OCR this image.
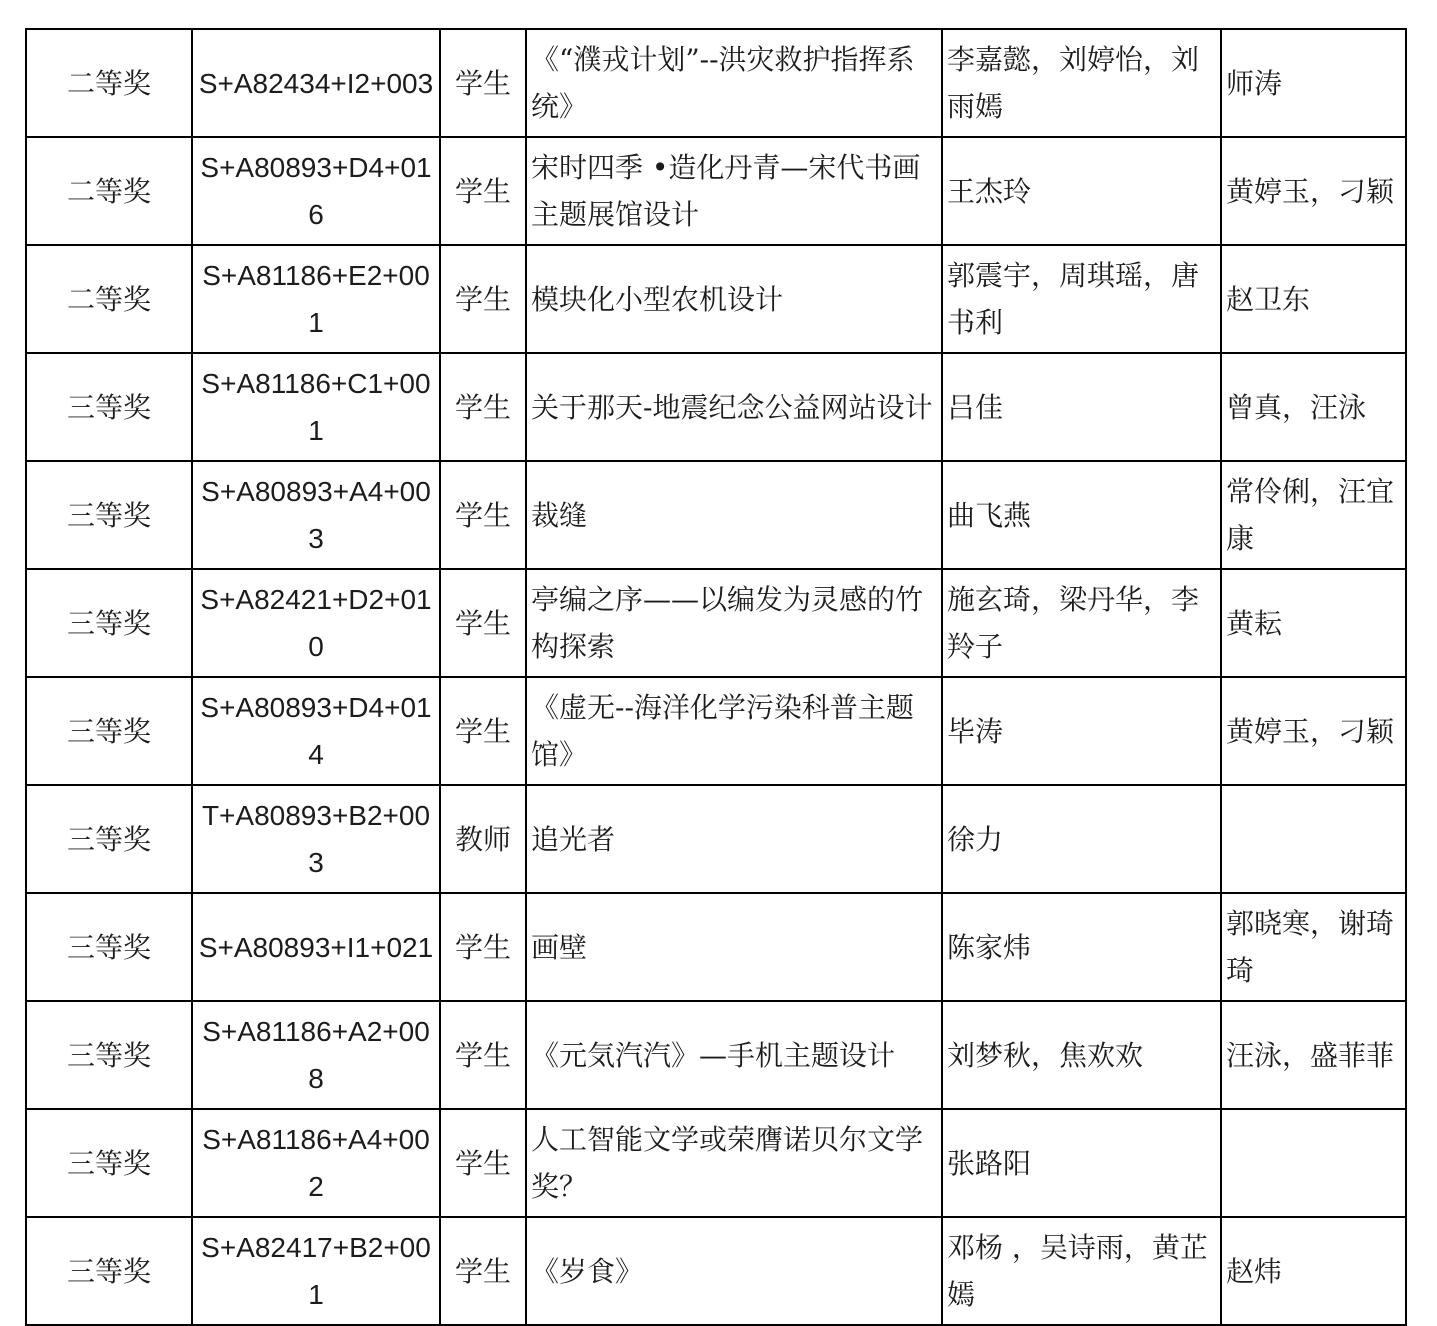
二等奖	S+A82434+I2+003	学生	《“濮戎计划”--洪灾救护指挥系统》	李嘉懿，刘婷怡，刘雨嫣	师涛
二等奖	S+A80893+D4+016	学生	宋时四季 •造化丹青—宋代书画主题展馆设计	王杰玲	黄婷玉，刁颖
二等奖	S+A81186+E2+001	学生	模块化小型农机设计	郭震宇，周琪瑶，唐书利	赵卫东
三等奖	S+A81186+C1+001	学生	关于那天-地震纪念公益网站设计	吕佳	曾真，汪泳
三等奖	S+A80893+A4+003	学生	裁缝	曲飞燕	常伶俐，汪宜康
三等奖	S+A82421+D2+010	学生	亭编之序——以编发为灵感的竹构探索	施玄琦，梁丹华，李羚子	黄耘
三等奖	S+A80893+D4+014	学生	《虚无--海洋化学污染科普主题馆》	毕涛	黄婷玉，刁颖
三等奖	T+A80893+B2+003	教师	追光者	徐力	
三等奖	S+A80893+I1+021	学生	画壁	陈家炜	郭晓寒，谢琦琦
三等奖	S+A81186+A2+008	学生	《元気汽汽》—手机主题设计	刘梦秋，焦欢欢	汪泳，盛菲菲
三等奖	S+A81186+A4+002	学生	人工智能文学或荣膺诺贝尔文学奖？	张路阳	
三等奖	S+A82417+B2+001	学生	《岁食》	邓杨 ，吴诗雨，黄芷嫣	赵炜
